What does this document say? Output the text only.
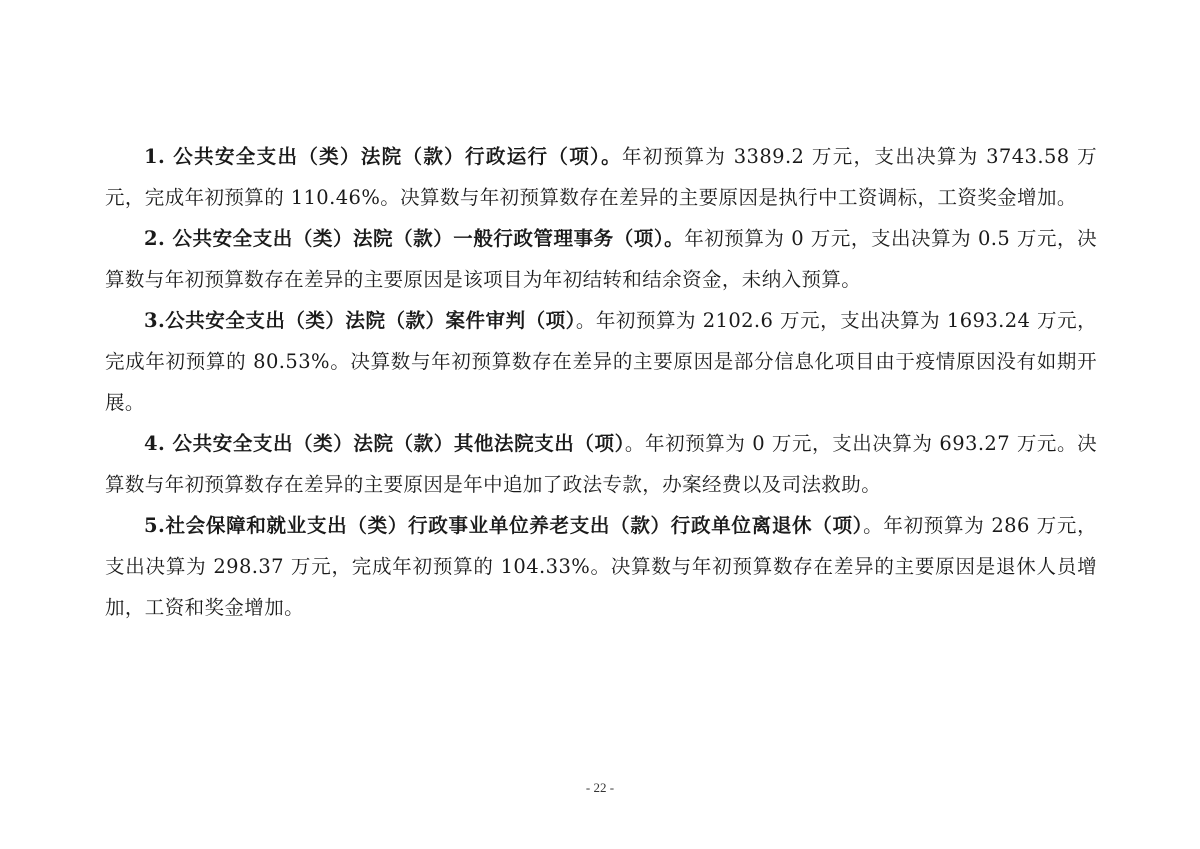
1. 公共安全支出（类）法院（款）行政运行（项）。年初预算为 3389.2 万元，支出决算为 3743.58 万元，完成年初预算的 110.46%。决算数与年初预算数存在差异的主要原因是执行中工资调标，工资奖金增加。

2. 公共安全支出（类）法院（款）一般行政管理事务（项）。年初预算为 0 万元，支出决算为 0.5 万元，决算数与年初预算数存在差异的主要原因是该项目为年初结转和结余资金，未纳入预算。

3.公共安全支出（类）法院（款）案件审判（项）。年初预算为 2102.6 万元，支出决算为 1693.24 万元，完成年初预算的 80.53%。决算数与年初预算数存在差异的主要原因是部分信息化项目由于疫情原因没有如期开展。

4. 公共安全支出（类）法院（款）其他法院支出（项）。年初预算为 0 万元，支出决算为 693.27 万元。决算数与年初预算数存在差异的主要原因是年中追加了政法专款，办案经费以及司法救助。

5.社会保障和就业支出（类）行政事业单位养老支出（款）行政单位离退休（项）。年初预算为 286 万元，支出决算为 298.37 万元，完成年初预算的 104.33%。决算数与年初预算数存在差异的主要原因是退休人员增加，工资和奖金增加。

- 22 -
